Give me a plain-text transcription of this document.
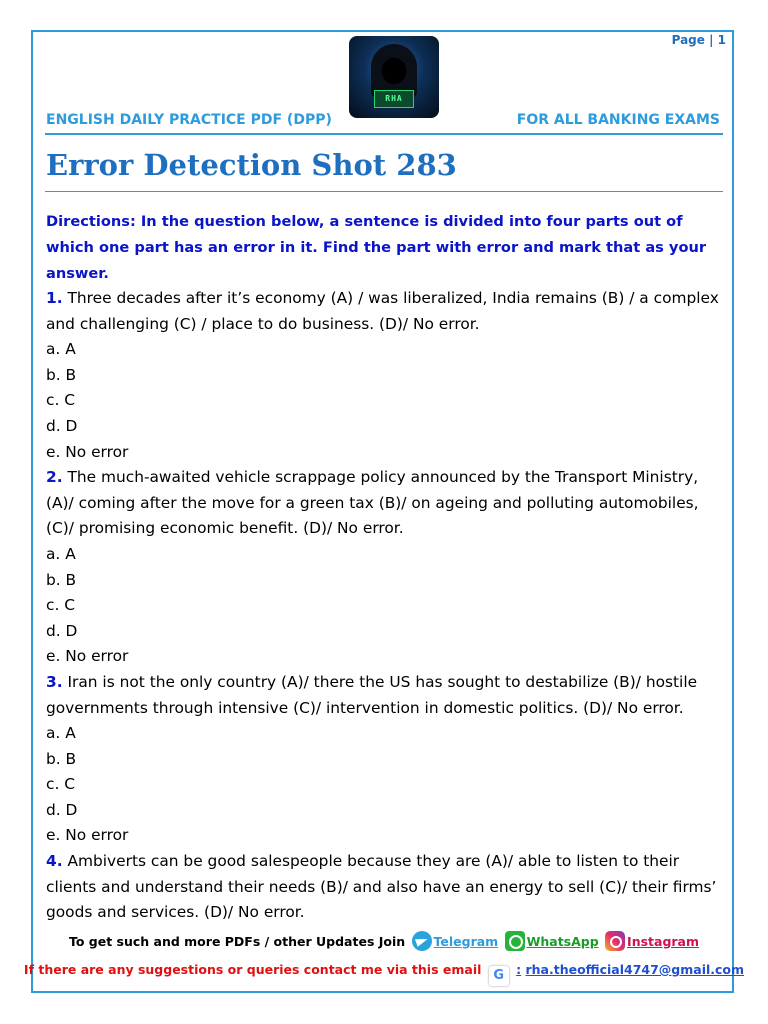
Page | 1
RHA
ENGLISH DAILY PRACTICE PDF (DPP)	FOR ALL BANKING EXAMS
Error Detection Shot 283
Directions: In the question below, a sentence is divided into four parts out of which one part has an error in it. Find the part with error and mark that as your answer.

1. Three decades after it’s economy (A) / was liberalized, India remains (B) / a complex and challenging (C) / place to do business. (D)/ No error.

a. A

b. B

c. C

d. D

e. No error

2. The much-awaited vehicle scrappage policy announced by the Transport Ministry, (A)/ coming after the move for a green tax (B)/ on ageing and polluting automobiles, (C)/ promising economic benefit. (D)/ No error.

a. A

b. B

c. C

d. D

e. No error

3. Iran is not the only country (A)/ there the US has sought to destabilize (B)/ hostile governments through intensive (C)/ intervention in domestic politics. (D)/ No error.

a. A

b. B

c. C

d. D

e. No error

4. Ambiverts can be good salespeople because they are (A)/ able to listen to their clients and understand their needs (B)/ and also have an energy to sell (C)/ their firms’ goods and services. (D)/ No error.

To get such and more PDFs / other Updates Join Telegram WhatsApp Instagram
If there are any suggestions or queries contact me via this email G : rha.theofficial4747@gmail.com
